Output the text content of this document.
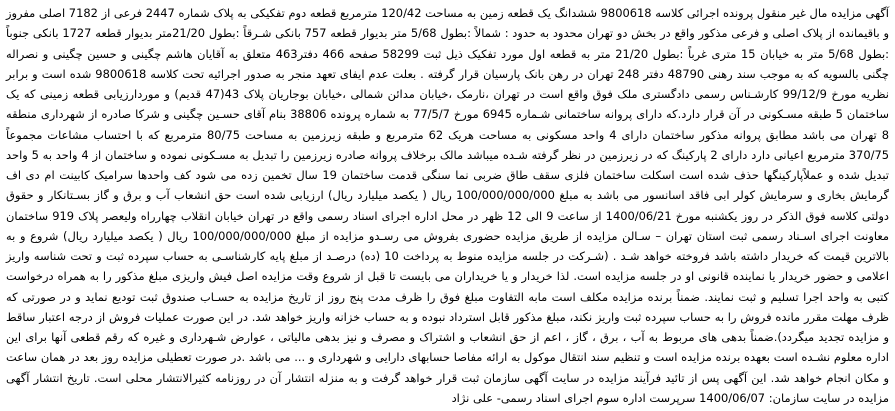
آگهی مزایده مال غیر منقول پرونده اجرائی کلاسه 9800618 ششدانگ یک قطعه زمین به مساحت 120/42 مترمربع قطعه دوم تفکیکی به پلاک شماره 2447 فرعی از 7182 اصلی مفروز و باقیمانده از پلاک اصلی و فرعی مذکور واقع در بخش دو تهران محدود به حدود : شمالاً :بطول 5/68 متر بدیوار قطعه 757 بانکی شـرقاً :بطول 21/20متر بدیوار قطعه 1727 بانکی جنوباً :بطول 5/68 متر به خیابان 15 متری غرباً :بطول 21/20 متر به قطعه اول مورد تفکیک ذیل ثبت 58299 صفحه 466 دفتر463 متعلق به آقایان هاشم چگینی و حسین چگینی و نصراله چگنی بالسویه که به موجب سند رهنی 48790 دفتر 248 تهران در رهن بانک پارسیان قرار گرفته . بعلت عدم ایفای تعهد منجر به صدور اجرائیه تحت کلاسه 9800618 شده است و برابر نظریه مورخ 99/12/9 کارشـناس رسمی دادگستری ملک فوق واقع است در تهران ،نارمک ،خیابان مدائن شمالی ،خیابان بوجاریان پلاک 43(47 قدیم) و موردارزیابی قطعه زمینی که یک ساختمان 5 طبقه مسـکونی در آن قرار دارد.که دارای پروانه ساختمانی شـماره 6945 مورخ 77/5/7 به شماره پرونده 38806 بنام آقای حسـین چگینی و شرکا صادره از شهرداری منطقه 8 تهران می باشد مطابق پروانه مذکور ساختمان دارای 4 واحد مسکونی به مساحت هریک 62 مترمربع و طبقه زیرزمین به مساحت 80/75 مترمربع که با احتساب مشاعات مجموعاً 370/75 مترمربع اعیانی دارد دارای 2 پارکینگ که در زیرزمین در نظر گرفته شـده میباشد مالک برخلاف پروانه صادره زیرزمین را تبدیل به مسـکونی نموده و ساختمان از 4 واحد به 5 واحد تبدیل شده و عملاًپارکینگها حذف شده است اسکلت ساختمان فلزی سقف طاق ضربی نما سنگی قدمت ساختمان 19 سال تخمین زده می شود کف واحدها سرامیک کابینت ام دی اف گرمایش بخاری و سرمایش کولر ابی فاقد اسانسور می باشد به مبلغ 100/000/000/000 ریال ( یکصد میلیارد ریال) ارزیابی شده است حق انشعاب آب و برق و گاز بسـتانکار و حقوق دولتی کلاسه فوق الذکر در روز یکشنبه مورخ 1400/06/21 از ساعت 9 الی 12 ظهر در محل اداره اجرای اسناد رسمی واقع در تهران خیابان انقلاب چهارراه ولیعصر پلاک 919 ساختمان معاونت اجرای اسـناد رسمی ثبت استان تهران – سـالن مزایده از طریق مزایده حضوری بفروش می رسـدو مزایده از مبلغ 100/000/000/000 ریال ( یکصد میلیارد ریال) شروع و به بالاترین قیمت که خریدار داشته باشد فروخته خواهد شـد . (شـرکت در جلسه مزایده منوط به پرداخت 10 (ده) درصـد از مبلغ پایه کارشناسـی به حساب سپرده ثبت و تحت شناسه واریز اعلامی و حضور خریدار یا نماینده قانونی او در جلسه مزایده است. لذا خریدار و یا خریداران می بایست تا قبل از شروع وقت مزایده اصل فیش واریزی مبلغ مذکور را به همراه درخواست کتبی به واحد اجرا تسلیم و ثبت نمایند. ضمناً برنده مزایده مکلف است مابه التفاوت مبلغ فوق را ظرف مدت پنج روز از تاریخ مزایده به حسـاب صندوق ثبت تودیع نماید و در صورتی که ظرف مهلت مقرر مانده فروش را به حساب سپرده ثبت واریز نکند، مبلغ مذکور قابل استرداد نبوده و به حساب خزانه واریز خواهد شد. در این صورت عملیات فروش از درجه اعتبار ساقط و مزایده تجدید میگردد).ضمناً بدهی های مربوط به آب ، برق ، گاز ، اعم از حق انشعاب و اشتراک و مصرف و نیز بدهی مالیاتی ، عوارض شـهرداری و غیره که رقم قطعی آنها برای این اداره معلوم نشـده است بعهده برنده مزایده است و تنظیم سند انتقال موکول به ارائه مفاصا حسابهای دارایی و شهرداری و ... می باشد .در صورت تعطیلی مزایده روز بعد در همان ساعت و مکان انجام خواهد شد. این آگهی پس از تائید فرآیند مزایده در سایت آگهی سازمان ثبت قرار خواهد گرفت و به منزله انتشار آن در روزنامه کثیرالانتشار محلی است. تاریخ انتشار آگهی مزایده در سایت سازمان: 1400/06/07 سرپرست اداره سوم اجرای اسناد رسمی- علی نژاد
